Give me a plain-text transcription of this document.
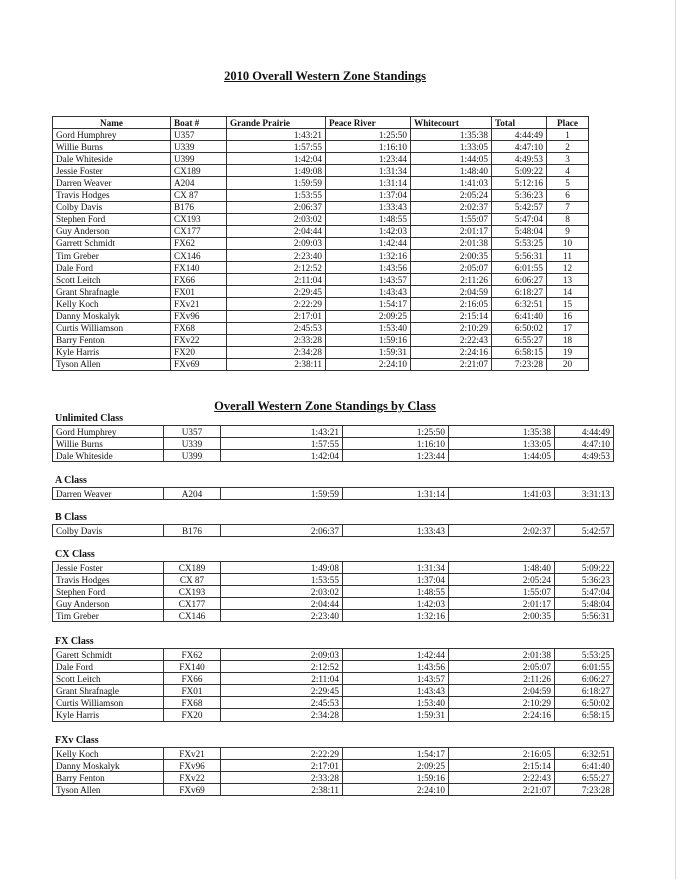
2010 Overall Western Zone Standings
Name	Boat #	Grande Prairie	Peace River	Whitecourt	Total	Place
Gord Humphrey	U357	1:43:21	1:25:50	1:35:38	4:44:49	1
Willie Burns	U339	1:57:55	1:16:10	1:33:05	4:47:10	2
Dale Whiteside	U399	1:42:04	1:23:44	1:44:05	4:49:53	3
Jessie Foster	CX189	1:49:08	1:31:34	1:48:40	5:09:22	4
Darren Weaver	A204	1:59:59	1:31:14	1:41:03	5:12:16	5
Travis Hodges	CX 87	1:53:55	1:37:04	2:05:24	5:36:23	6
Colby Davis	B176	2:06:37	1:33:43	2:02:37	5:42:57	7
Stephen Ford	CX193	2:03:02	1:48:55	1:55:07	5:47:04	8
Guy Anderson	CX177	2:04:44	1:42:03	2:01:17	5:48:04	9
Garrett Schmidt	FX62	2:09:03	1:42:44	2:01:38	5:53:25	10
Tim Greber	CX146	2:23:40	1:32:16	2:00:35	5:56:31	11
Dale Ford	FX140	2:12:52	1:43:56	2:05:07	6:01:55	12
Scott Leitch	FX66	2:11:04	1:43:57	2:11:26	6:06:27	13
Grant Shrafnagle	FX01	2:29:45	1:43:43	2:04:59	6:18:27	14
Kelly Koch	FXv21	2:22:29	1:54:17	2:16:05	6:32:51	15
Danny Moskalyk	FXv96	2:17:01	2:09:25	2:15:14	6:41:40	16
Curtis Williamson	FX68	2:45:53	1:53:40	2:10:29	6:50:02	17
Barry Fenton	FXv22	2:33:28	1:59:16	2:22:43	6:55:27	18
Kyle Harris	FX20	2:34:28	1:59:31	2:24:16	6:58:15	19
Tyson Allen	FXv69	2:38:11	2:24:10	2:21:07	7:23:28	20
Overall Western Zone Standings by Class
Unlimited Class
Gord Humphrey	U357	1:43:21	1:25:50	1:35:38	4:44:49
Willie Burns	U339	1:57:55	1:16:10	1:33:05	4:47:10
Dale Whiteside	U399	1:42:04	1:23:44	1:44:05	4:49:53
A Class
Darren Weaver	A204	1:59:59	1:31:14	1:41:03	3:31:13
B Class
Colby Davis	B176	2:06:37	1:33:43	2:02:37	5:42:57
CX Class
Jessie Foster	CX189	1:49:08	1:31:34	1:48:40	5:09:22
Travis Hodges	CX 87	1:53:55	1:37:04	2:05:24	5:36:23
Stephen Ford	CX193	2:03:02	1:48:55	1:55:07	5:47:04
Guy Anderson	CX177	2:04:44	1:42:03	2:01:17	5:48:04
Tim Greber	CX146	2:23:40	1:32:16	2:00:35	5:56:31
FX Class
Garett Schmidt	FX62	2:09:03	1:42:44	2:01:38	5:53:25
Dale Ford	FX140	2:12:52	1:43:56	2:05:07	6:01:55
Scott Leitch	FX66	2:11:04	1:43:57	2:11:26	6:06:27
Grant Shrafnagle	FX01	2:29:45	1:43:43	2:04:59	6:18:27
Curtis Williamson	FX68	2:45:53	1:53:40	2:10:29	6:50:02
Kyle Harris	FX20	2:34:28	1:59:31	2:24:16	6:58:15
FXv Class
Kelly Koch	FXv21	2:22:29	1:54:17	2:16:05	6:32:51
Danny Moskalyk	FXv96	2:17:01	2:09:25	2:15:14	6:41:40
Barry Fenton	FXv22	2:33:28	1:59:16	2:22:43	6:55:27
Tyson Allen	FXv69	2:38:11	2:24:10	2:21:07	7:23:28
